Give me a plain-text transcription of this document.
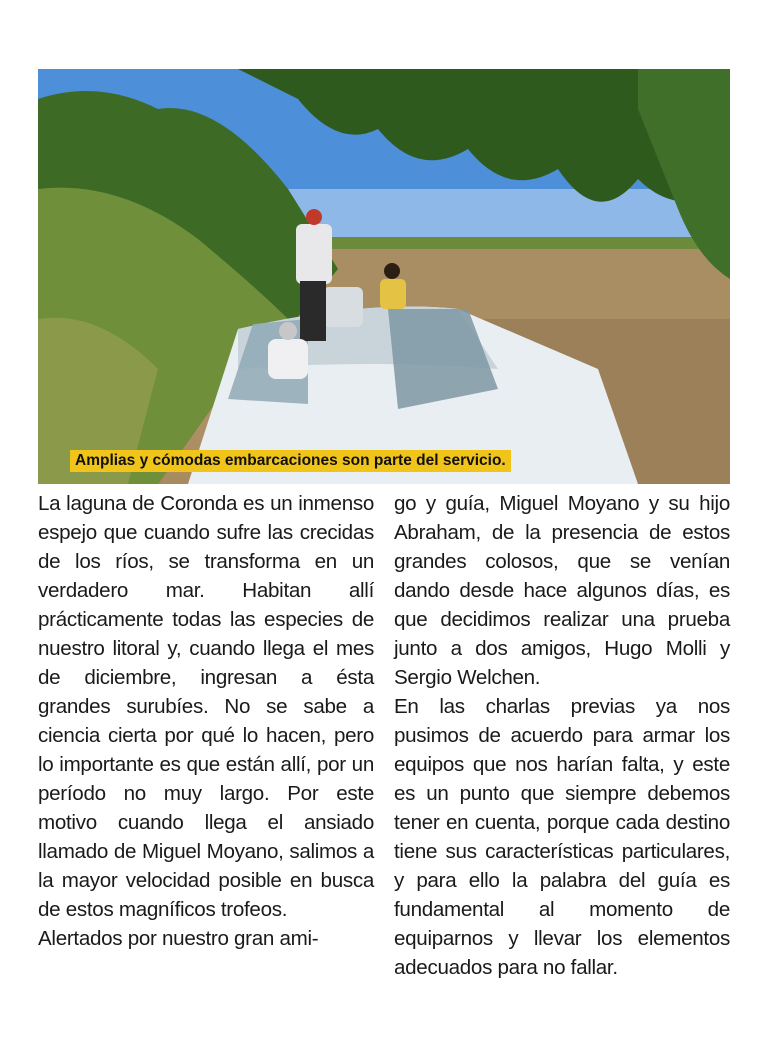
Amplias y cómodas embarcaciones son parte del servicio.

La laguna de Coronda es un inmenso espejo que cuando sufre las crecidas de los ríos, se transforma en un verdadero mar. Habitan allí prácticamente todas las especies de nuestro litoral y, cuando llega el mes de diciembre, ingresan a ésta grandes surubíes. No se sabe a ciencia cierta por qué lo hacen, pero lo importante es que están allí, por un período no muy largo. Por este motivo cuando llega el ansiado llamado de Miguel Moyano, salimos a la mayor velocidad posible en busca de estos magníficos trofeos.

Alertados por nuestro gran ami-

go y guía, Miguel Moyano y su hijo Abraham, de la presencia de estos grandes colosos, que se venían dando desde hace algunos días, es que decidimos realizar una prueba junto a dos amigos, Hugo Molli y Sergio Welchen.

En las charlas previas ya nos pusimos de acuerdo para armar los equipos que nos harían falta, y este es un punto que siempre debemos tener en cuenta, porque cada destino tiene sus características particulares, y para ello la palabra del guía es fundamental al momento de equiparnos y llevar los elementos adecuados para no fallar.
